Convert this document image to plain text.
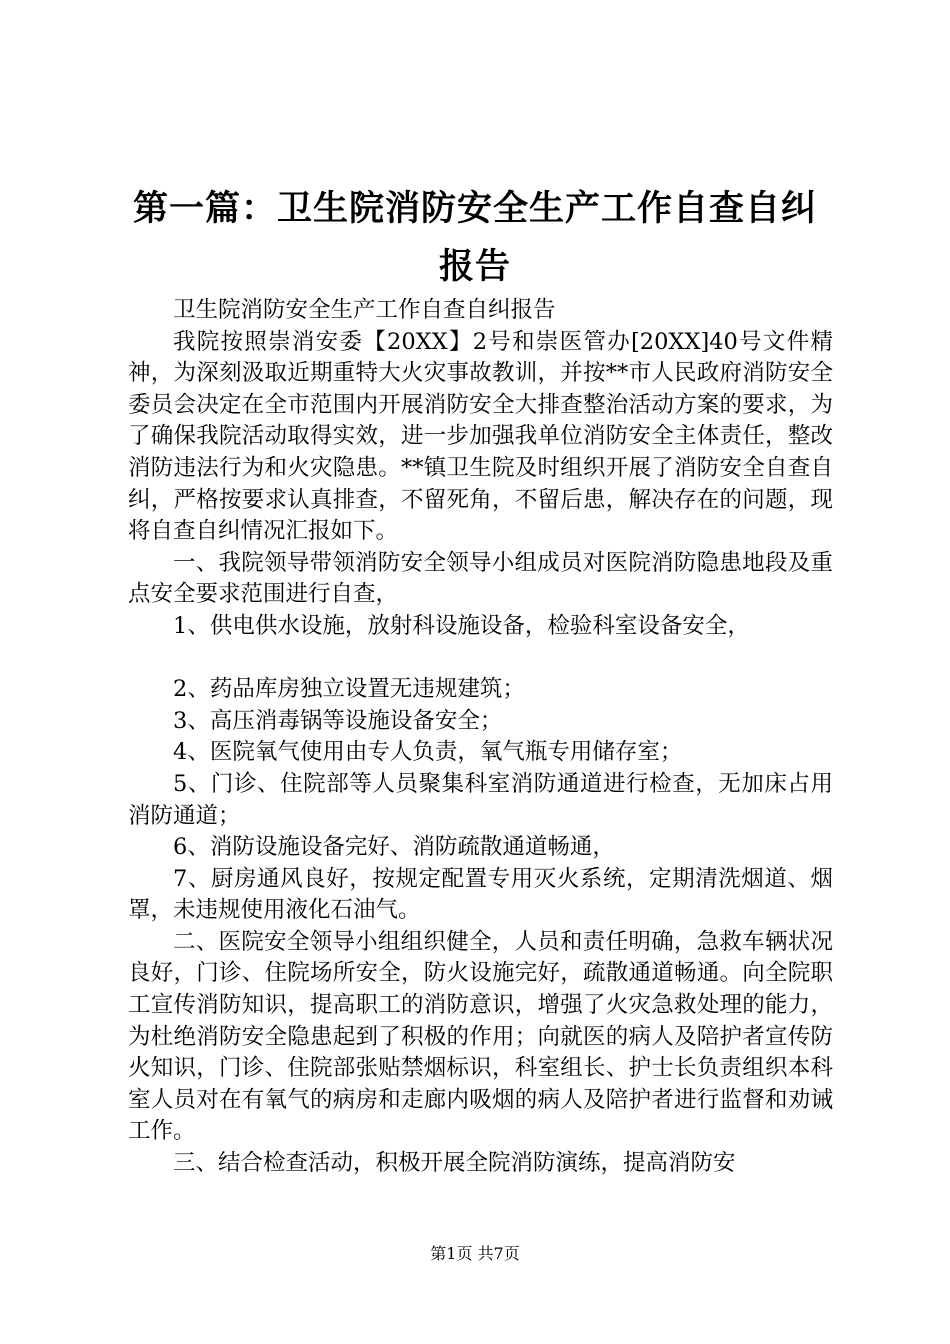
第一篇：卫生院消防安全生产工作自查自纠报告

卫生院消防安全生产工作自查自纠报告

我院按照崇消安委【20XX】2号和崇医管办[20XX]40号文件精神，为深刻汲取近期重特大火灾事故教训，并按**市人民政府消防安全委员会决定在全市范围内开展消防安全大排查整治活动方案的要求，为了确保我院活动取得实效，进一步加强我单位消防安全主体责任，整改消防违法行为和火灾隐患。**镇卫生院及时组织开展了消防安全自查自纠，严格按要求认真排查，不留死角，不留后患，解决存在的问题，现将自查自纠情况汇报如下。

一、我院领导带领消防安全领导小组成员对医院消防隐患地段及重点安全要求范围进行自查，

1、供电供水设施，放射科设施设备，检验科室设备安全，

2、药品库房独立设置无违规建筑；

3、高压消毒锅等设施设备安全；

4、医院氧气使用由专人负责，氧气瓶专用储存室；

5、门诊、住院部等人员聚集科室消防通道进行检查，无加床占用消防通道；

6、消防设施设备完好、消防疏散通道畅通，

7、厨房通风良好，按规定配置专用灭火系统，定期清洗烟道、烟罩，未违规使用液化石油气。

二、医院安全领导小组组织健全，人员和责任明确，急救车辆状况良好，门诊、住院场所安全，防火设施完好，疏散通道畅通。向全院职工宣传消防知识，提高职工的消防意识，增强了火灾急救处理的能力，为杜绝消防安全隐患起到了积极的作用；向就医的病人及陪护者宣传防火知识，门诊、住院部张贴禁烟标识，科室组长、护士长负责组织本科室人员对在有氧气的病房和走廊内吸烟的病人及陪护者进行监督和劝诫工作。

三、结合检查活动，积极开展全院消防演练，提高消防安

第1页 共7页
